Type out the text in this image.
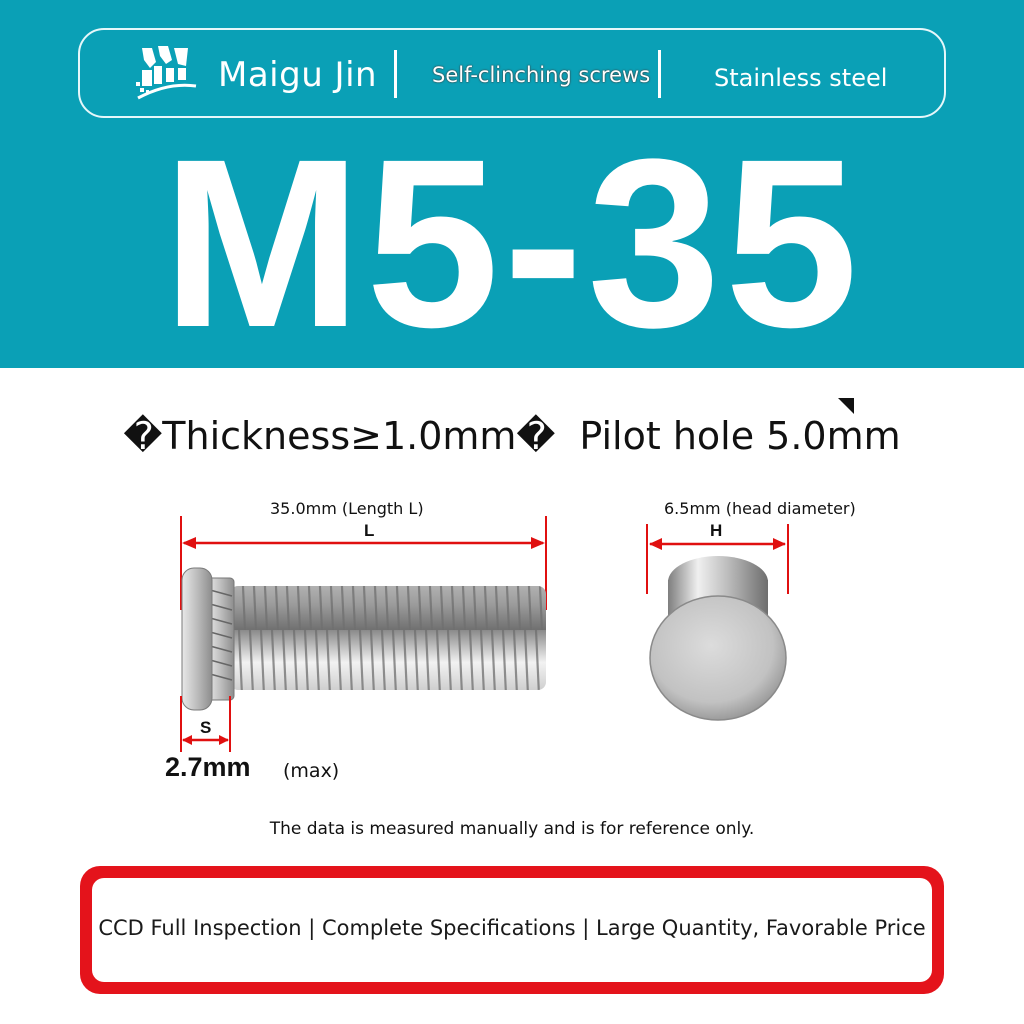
Maigu Jin	Self-clinching screws	Stainless steel
M5-35
�Thickness≥1.0mm� Pilot hole 5.0mm
35.0mm (Length L)
L
6.5mm (head diameter)
H
S
2.7mm (max)
The data is measured manually and is for reference only.
CCD Full Inspection | Complete Specifications | Large Quantity, Favorable Price
